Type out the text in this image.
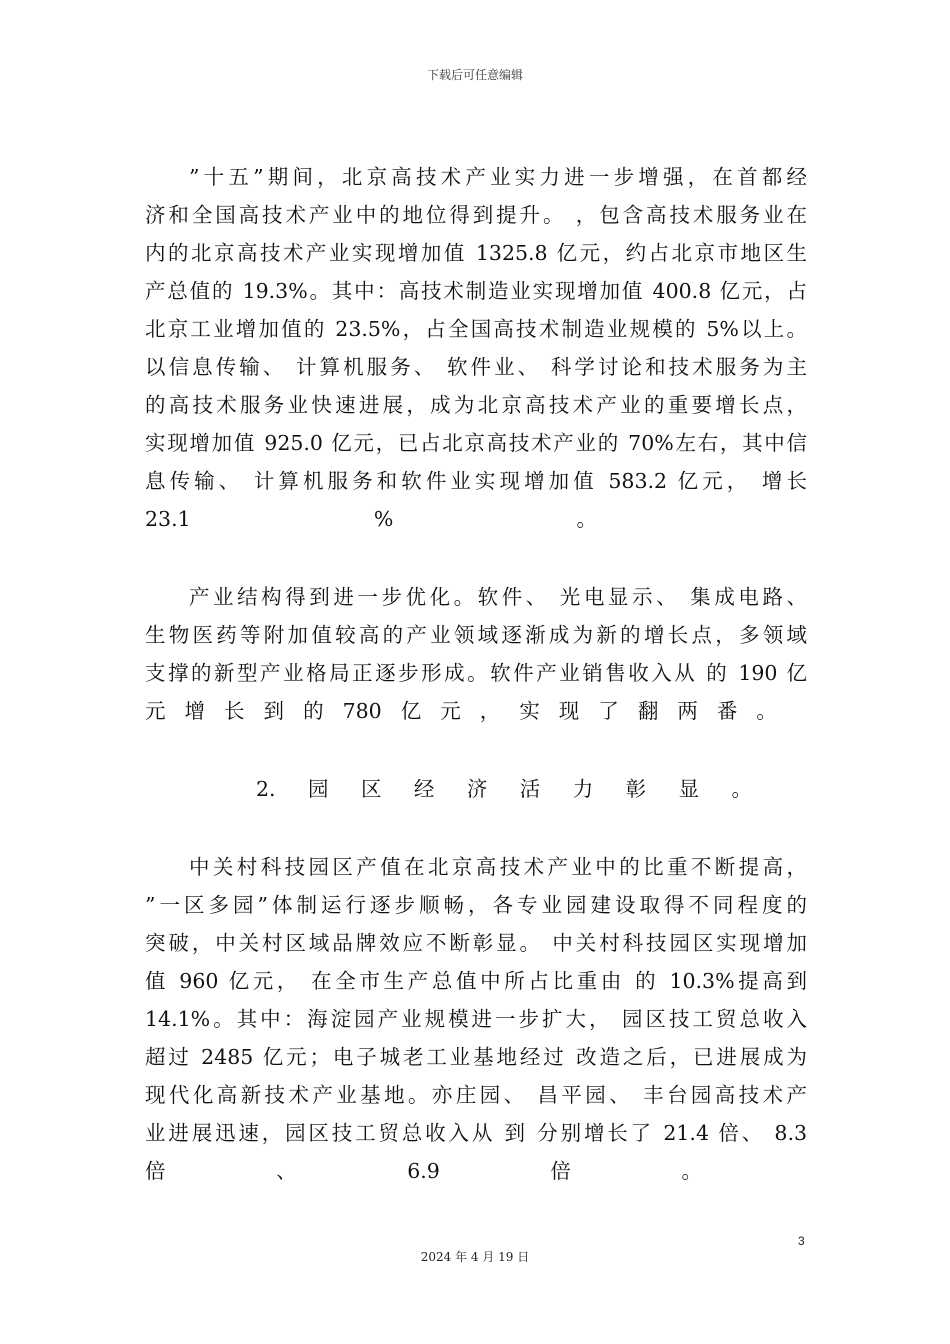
下载后可任意编辑
”十五”期间，北京高技术产业实力进一步增强，在首都经
济和全国高技术产业中的地位得到提升。 ，包含高技术服务业在
内的北京高技术产业实现增加值 1325.8 亿元，约占北京市地区生
产总值的 19.3%。其中：高技术制造业实现增加值 400.8 亿元，占
北京工业增加值的 23.5%，占全国高技术制造业规模的 5%以上。
以信息传输、 计算机服务、 软件业、 科学讨论和技术服务为主
的高技术服务业快速进展，成为北京高技术产业的重要增长点，
实现增加值 925.0 亿元，已占北京高技术产业的 70%左右，其中信
息传输、 计算机服务和软件业实现增加值 583.2 亿元， 增长
23.1	%	。
产业结构得到进一步优化。软件、 光电显示、 集成电路、
生物医药等附加值较高的产业领域逐渐成为新的增长点，多领域
支撑的新型产业格局正逐步形成。软件产业销售收入从 的 190 亿
元 增 长 到 的 780 亿 元 ， 实 现 了 翻 两 番 。
2. 园 区 经 济 活 力 彰 显 。
中关村科技园区产值在北京高技术产业中的比重不断提高，
”一区多园”体制运行逐步顺畅，各专业园建设取得不同程度的
突破，中关村区域品牌效应不断彰显。 中关村科技园区实现增加
值 960 亿元， 在全市生产总值中所占比重由 的 10.3%提高到
14.1%。其中：海淀园产业规模进一步扩大， 园区技工贸总收入
超过 2485 亿元；电子城老工业基地经过 改造之后，已进展成为
现代化高新技术产业基地。亦庄园、 昌平园、 丰台园高技术产
业进展迅速，园区技工贸总收入从 到 分别增长了 21.4 倍、 8.3
倍	、	6.9	倍	。
3
2024 年 4 月 19 日
